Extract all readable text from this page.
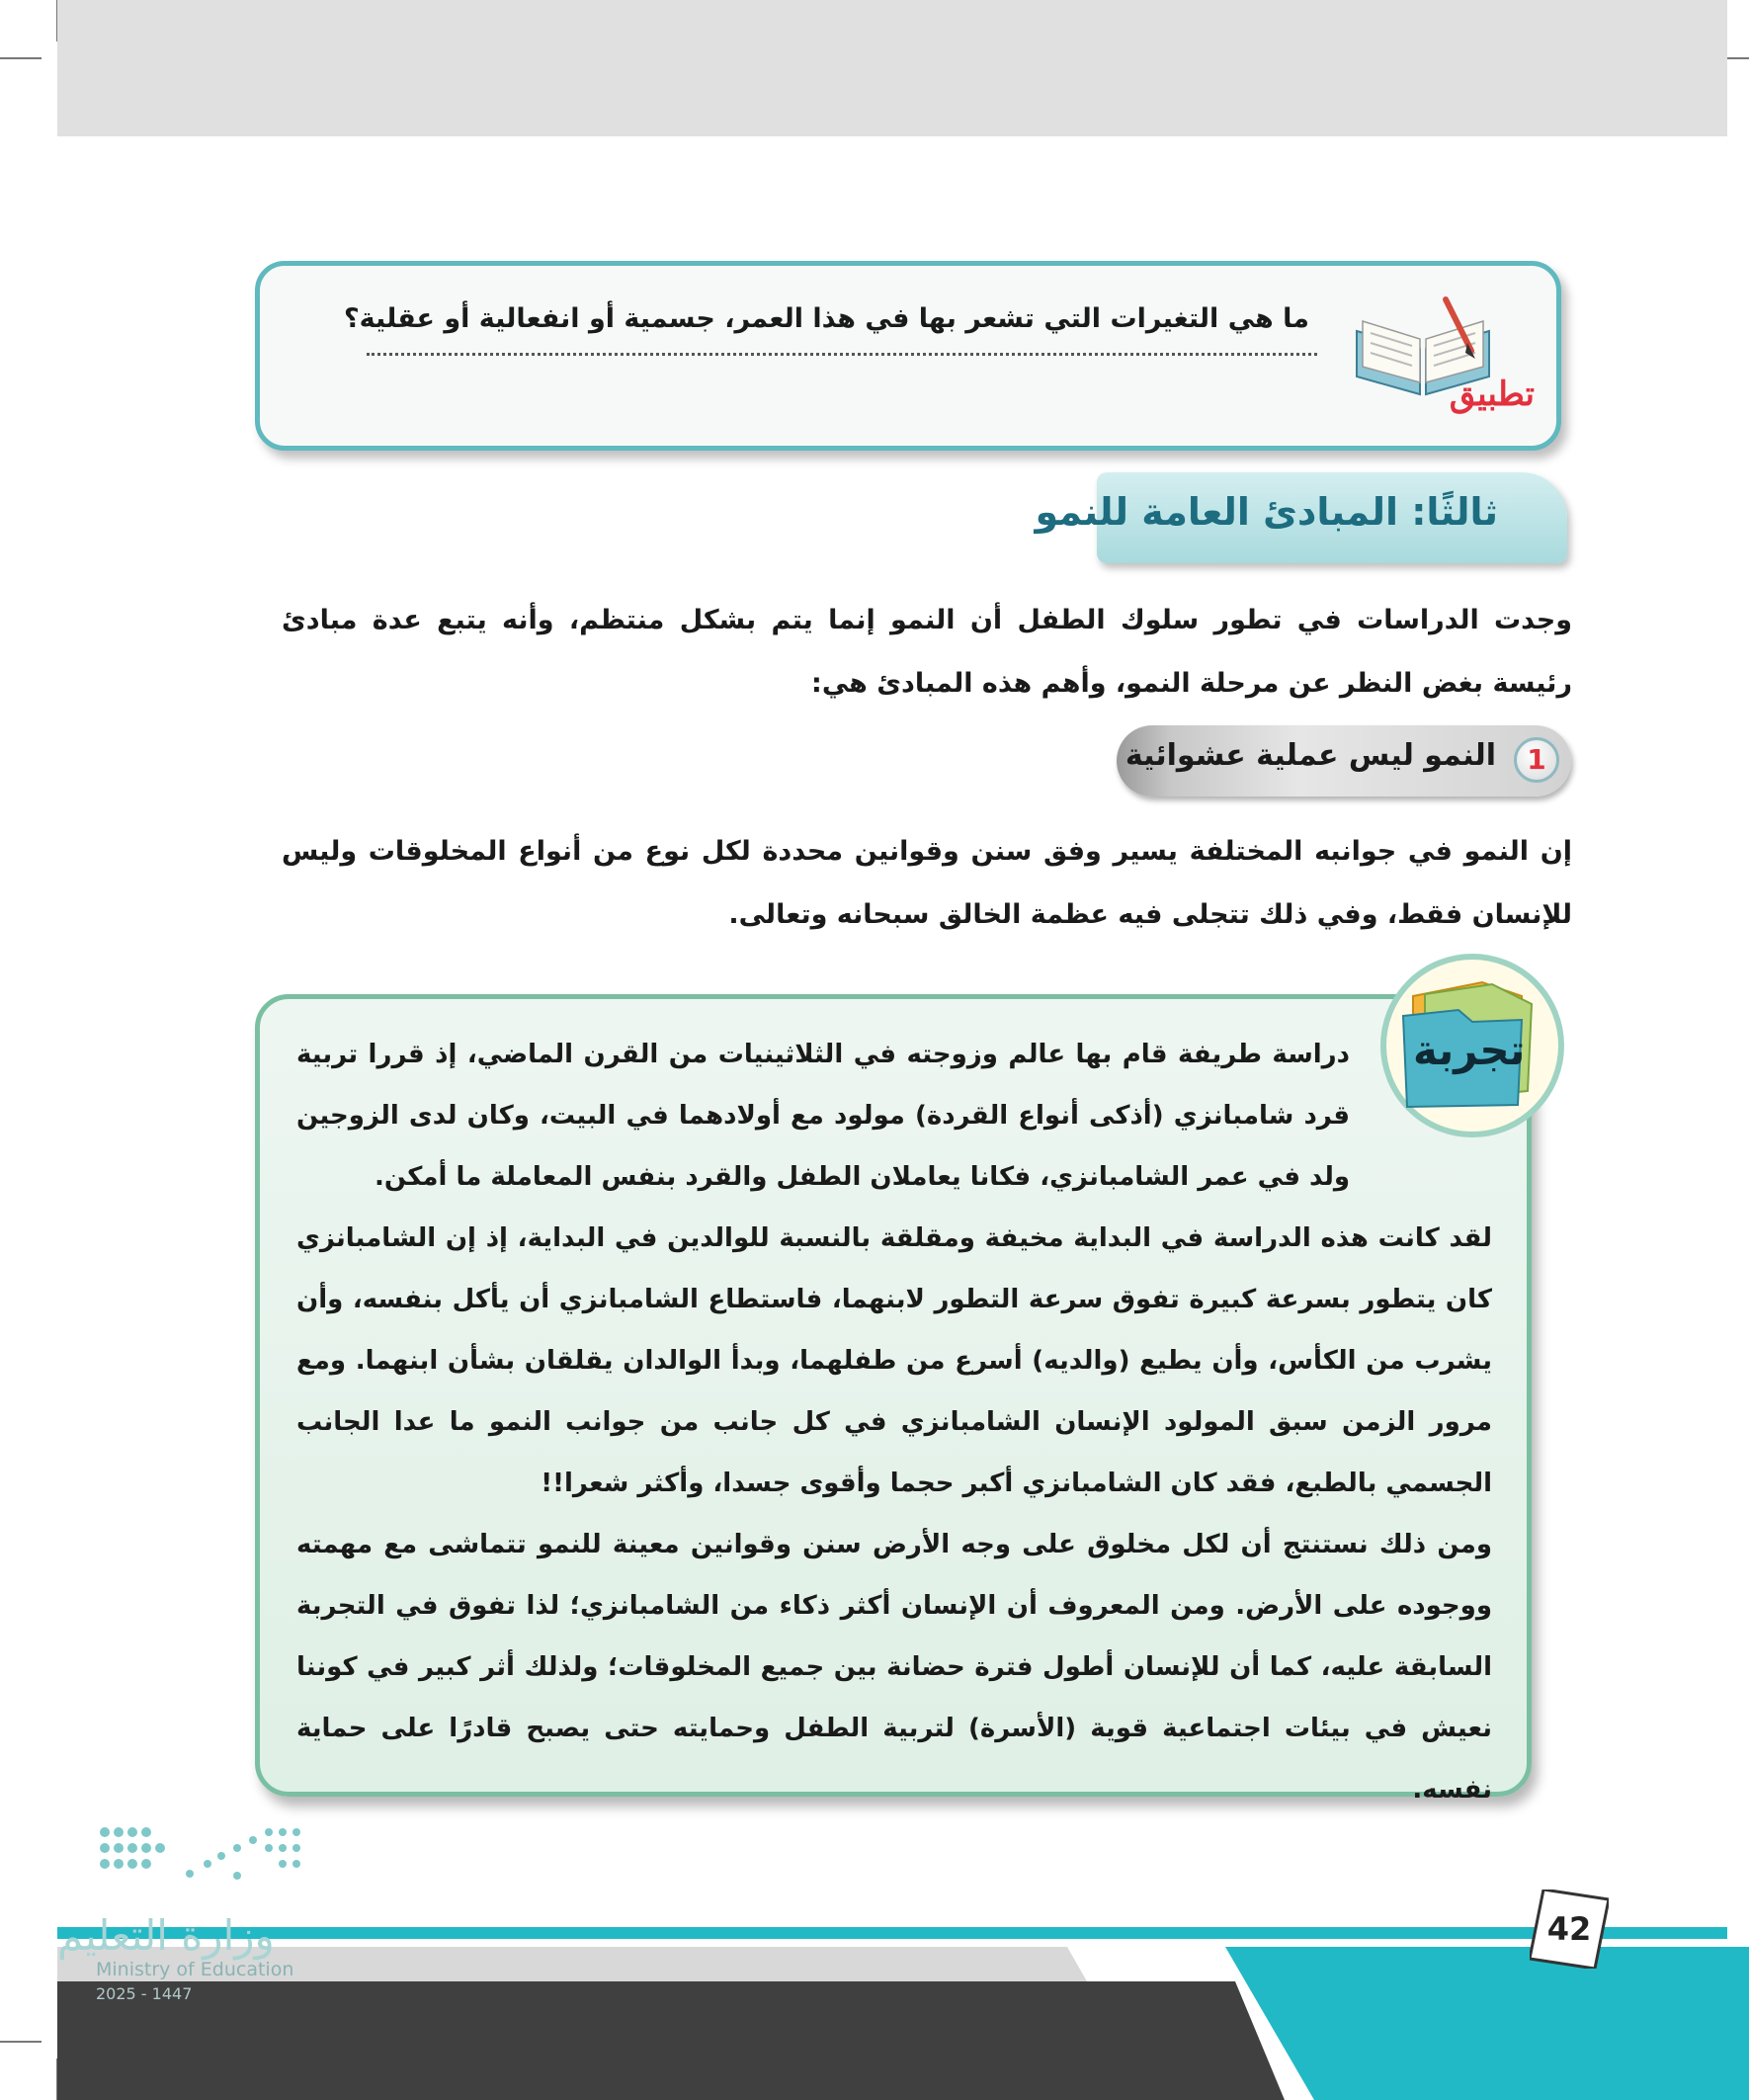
ما هي التغيرات التي تشعر بها في هذا العمر، جسمية أو انفعالية أو عقلية؟
تطبيق
ثالثًا: المبادئ العامة للنمو
وجدت الدراسات في تطور سلوك الطفل أن النمو إنما يتم بشكل منتظم، وأنه يتبع عدة مبادئ رئيسة بغض النظر عن مرحلة النمو، وأهم هذه المبادئ هي:
1
النمو ليس عملية عشوائية
إن النمو في جوانبه المختلفة يسير وفق سنن وقوانين محددة لكل نوع من أنواع المخلوقات وليس للإنسان فقط، وفي ذلك تتجلى فيه عظمة الخالق سبحانه وتعالى.
تجربة
دراسة طريفة قام بها عالم وزوجته في الثلاثينيات من القرن الماضي، إذ قررا تربية قرد شامبانزي (أذكى أنواع القردة) مولود مع أولادهما في البيت، وكان لدى الزوجين ولد في عمر الشامبانزي، فكانا يعاملان الطفل والقرد بنفس المعاملة ما أمكن.
لقد كانت هذه الدراسة في البداية مخيفة ومقلقة بالنسبة للوالدين في البداية، إذ إن الشامبانزي كان يتطور بسرعة كبيرة تفوق سرعة التطور لابنهما، فاستطاع الشامبانزي أن يأكل بنفسه، وأن يشرب من الكأس، وأن يطيع (والديه) أسرع من طفلهما، وبدأ الوالدان يقلقان بشأن ابنهما. ومع مرور الزمن سبق المولود الإنسان الشامبانزي في كل جانب من جوانب النمو ما عدا الجانب الجسمي بالطبع، فقد كان الشامبانزي أكبر حجما وأقوى جسدا، وأكثر شعرا!!
ومن ذلك نستنتج أن لكل مخلوق على وجه الأرض سنن وقوانين معينة للنمو تتماشى مع مهمته ووجوده على الأرض. ومن المعروف أن الإنسان أكثر ذكاء من الشامبانزي؛ لذا تفوق في التجربة السابقة عليه، كما أن للإنسان أطول فترة حضانة بين جميع المخلوقات؛ ولذلك أثر كبير في كوننا نعيش في بيئات اجتماعية قوية (الأسرة) لتربية الطفل وحمايته حتى يصبح قادرًا على حماية نفسه.
42
وزارة التعليم
Ministry of Education
2025 - 1447
